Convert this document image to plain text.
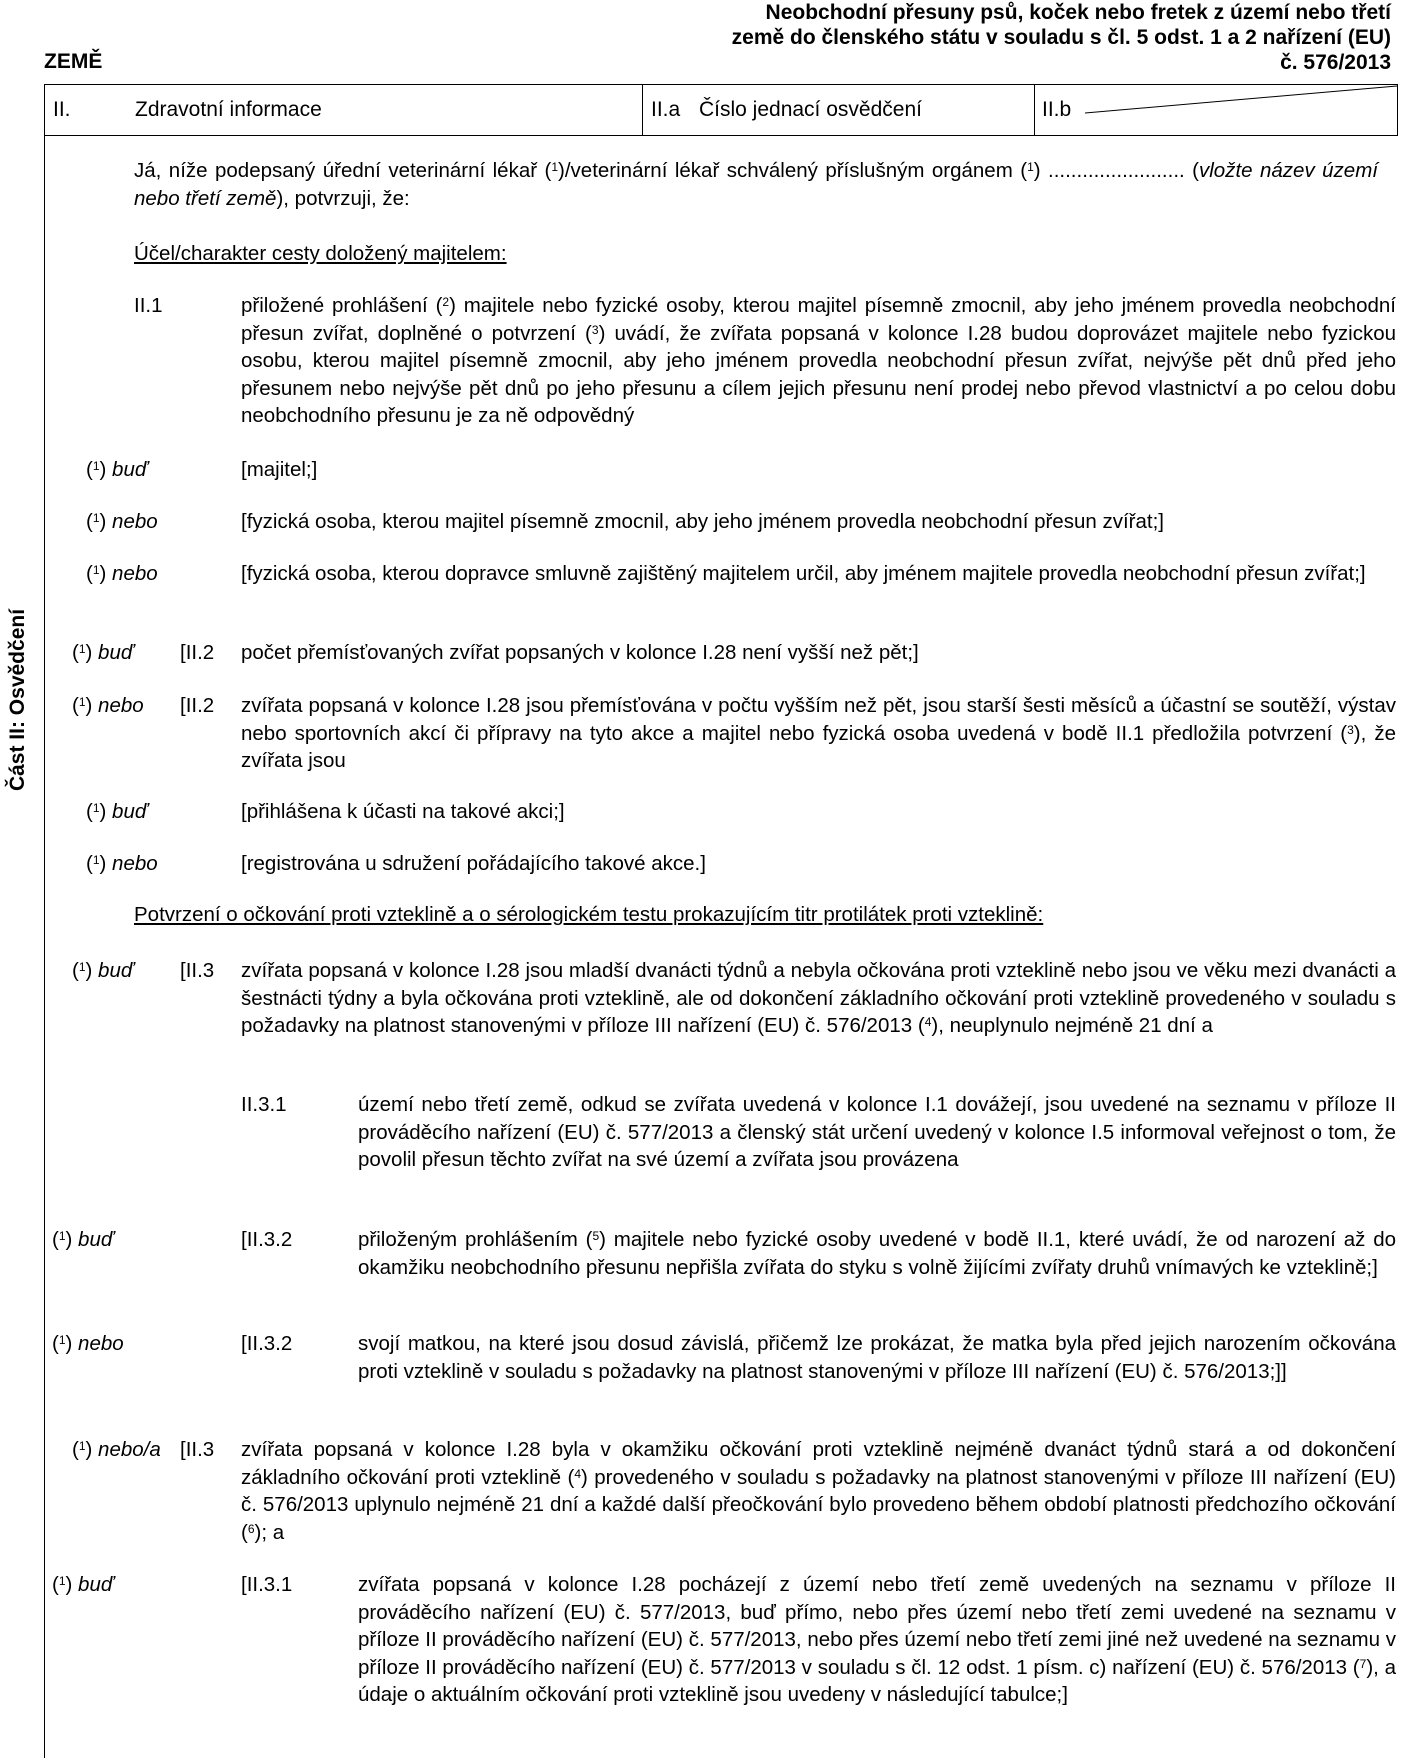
ZEMĚ
Neobchodní přesuny psů, koček nebo fretek z území nebo třetí
země do členského státu v souladu s čl. 5 odst. 1 a 2 nařízení (EU)
č. 576/2013
II.	Zdravotní informace	II.a Číslo jednací osvědčení	II.b
Část II: Osvědčení
Já, níže podepsaný úřední veterinární lékař ($^1$)/veterinární lékař schválený příslušným orgánem ($^1$) ........................ (vložte název území nebo třetí země), potvrzuji, že:
Účel/charakter cesty doložený majitelem:
II.1	přiložené prohlášení ($^2$) majitele nebo fyzické osoby, kterou majitel písemně zmocnil, aby jeho jménem provedla neobchodní přesun zvířat, doplněné o potvrzení ($^3$) uvádí, že zvířata popsaná v kolonce I.28 budou doprovázet majitele nebo fyzickou osobu, kterou majitel písemně zmocnil, aby jeho jménem provedla neobchodní přesun zvířat, nejvýše pět dnů před jeho přesunem nebo nejvýše pět dnů po jeho přesunu a cílem jejich přesunu není prodej nebo převod vlastnictví a po celou dobu neobchodního přesunu je za ně odpovědný
($^1$) buď	[majitel;]
($^1$) nebo	[fyzická osoba, kterou majitel písemně zmocnil, aby jeho jménem provedla neobchodní přesun zvířat;]
($^1$) nebo	[fyzická osoba, kterou dopravce smluvně zajištěný majitelem určil, aby jménem majitele provedla neobchodní přesun zvířat;]
($^1$) buď [II.2 počet přemísťovaných zvířat popsaných v kolonce I.28 není vyšší než pět;]
($^1$) nebo [II.2 zvířata popsaná v kolonce I.28 jsou přemísťována v počtu vyšším než pět, jsou starší šesti měsíců a účastní se soutěží, výstav nebo sportovních akcí či přípravy na tyto akce a majitel nebo fyzická osoba uvedená v bodě II.1 předložila potvrzení ($^3$), že zvířata jsou
($^1$) buď	[přihlášena k účasti na takové akci;]
($^1$) nebo	[registrována u sdružení pořádajícího takové akce.]
Potvrzení o očkování proti vzteklině a o sérologickém testu prokazujícím titr protilátek proti vzteklině:
($^1$) buď [II.3 zvířata popsaná v kolonce I.28 jsou mladší dvanácti týdnů a nebyla očkována proti vzteklině nebo jsou ve věku mezi dvanácti a šestnácti týdny a byla očkována proti vzteklině, ale od dokončení základního očkování proti vzteklině provedeného v souladu s požadavky na platnost stanovenými v příloze III nařízení (EU) č. 576/2013 ($^4$), neuplynulo nejméně 21 dní a
II.3.1	území nebo třetí země, odkud se zvířata uvedená v kolonce I.1 dovážejí, jsou uvedené na seznamu v příloze II prováděcího nařízení (EU) č. 577/2013 a členský stát určení uvedený v kolonce I.5 informoval veřejnost o tom, že povolil přesun těchto zvířat na své území a zvířata jsou provázena
($^1$) buď	[II.3.2	přiloženým prohlášením ($^5$) majitele nebo fyzické osoby uvedené v bodě II.1, které uvádí, že od narození až do okamžiku neobchodního přesunu nepřišla zvířata do styku s volně žijícími zvířaty druhů vnímavých ke vzteklině;]
($^1$) nebo	[II.3.2	svojí matkou, na které jsou dosud závislá, přičemž lze prokázat, že matka byla před jejich narozením očkována proti vzteklině v souladu s požadavky na platnost stanovenými v příloze III nařízení (EU) č. 576/2013;]]
($^1$) nebo/a [II.3 zvířata popsaná v kolonce I.28 byla v okamžiku očkování proti vzteklině nejméně dvanáct týdnů stará a od dokončení základního očkování proti vzteklině ($^4$) provedeného v souladu s požadavky na platnost stanovenými v příloze III nařízení (EU) č. 576/2013 uplynulo nejméně 21 dní a každé další přeočkování bylo provedeno během období platnosti předchozího očkování ($^6$); a
($^1$) buď	[II.3.1	zvířata popsaná v kolonce I.28 pocházejí z území nebo třetí země uvedených na seznamu v příloze II prováděcího nařízení (EU) č. 577/2013, buď přímo, nebo přes území nebo třetí zemi uvedené na seznamu v příloze II prováděcího nařízení (EU) č. 577/2013, nebo přes území nebo třetí zemi jiné než uvedené na seznamu v příloze II prováděcího nařízení (EU) č. 577/2013 v souladu s čl. 12 odst. 1 písm. c) nařízení (EU) č. 576/2013 ($^7$), a údaje o aktuálním očkování proti vzteklině jsou uvedeny v následující tabulce;]
